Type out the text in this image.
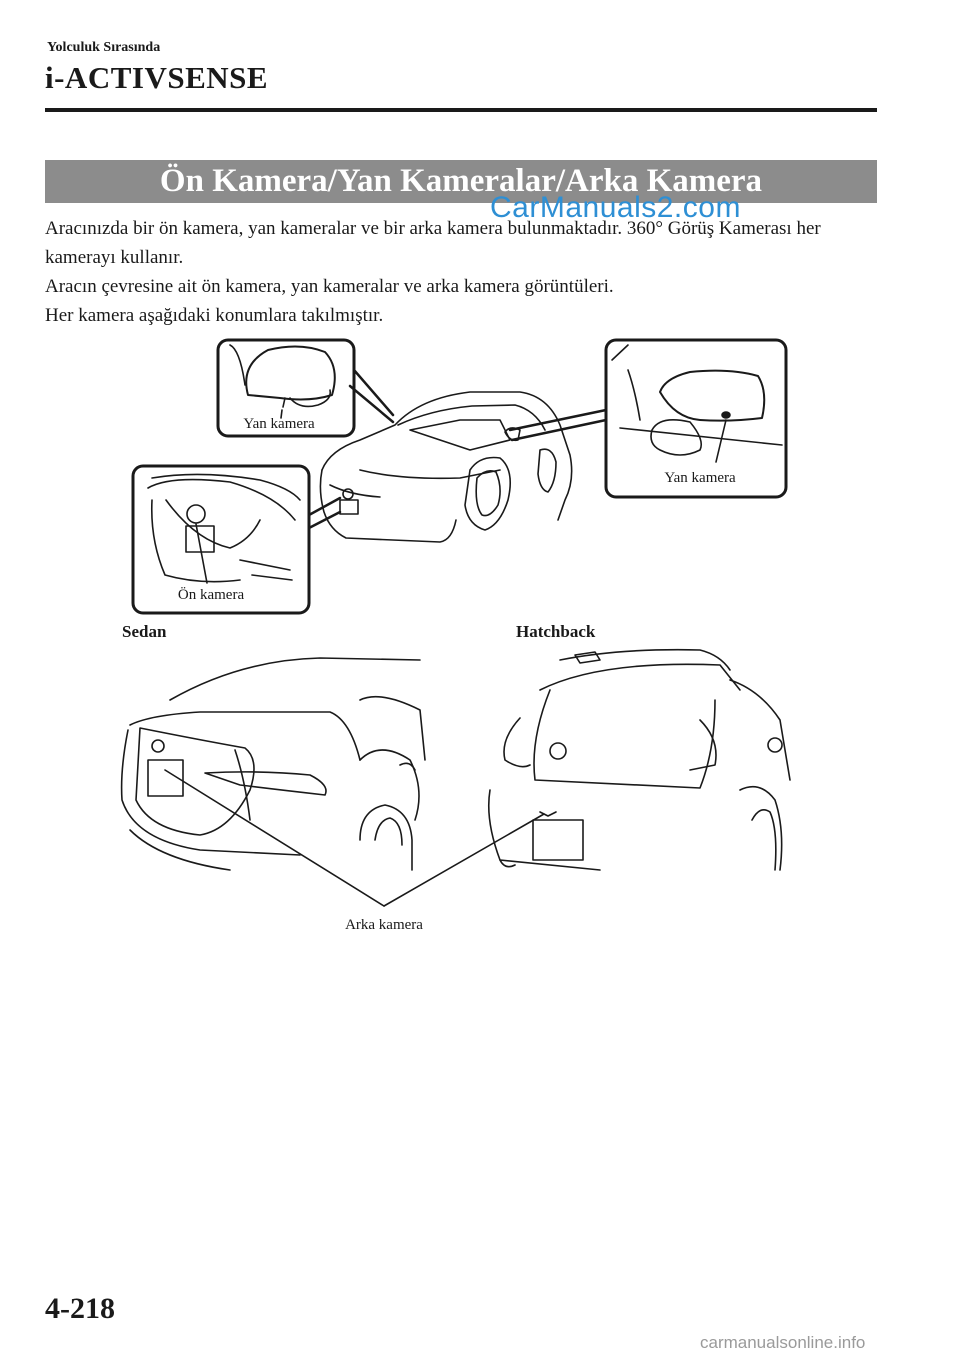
Yolculuk Sırasında
i-ACTIVSENSE
Ön Kamera/Yan Kameralar/Arka Kamera
CarManuals2.com

Aracınızda bir ön kamera, yan kameralar ve bir arka kamera bulunmaktadır. 360° Görüş Kamerası her kamerayı kullanır.

Aracın çevresine ait ön kamera, yan kameralar ve arka kamera görüntüleri.

Her kamera aşağıdaki konumlara takılmıştır.

Yan kamera
Yan kamera
Ön kamera
Arka kamera
Sedan	Hatchback
4-218
carmanualsonline.info
